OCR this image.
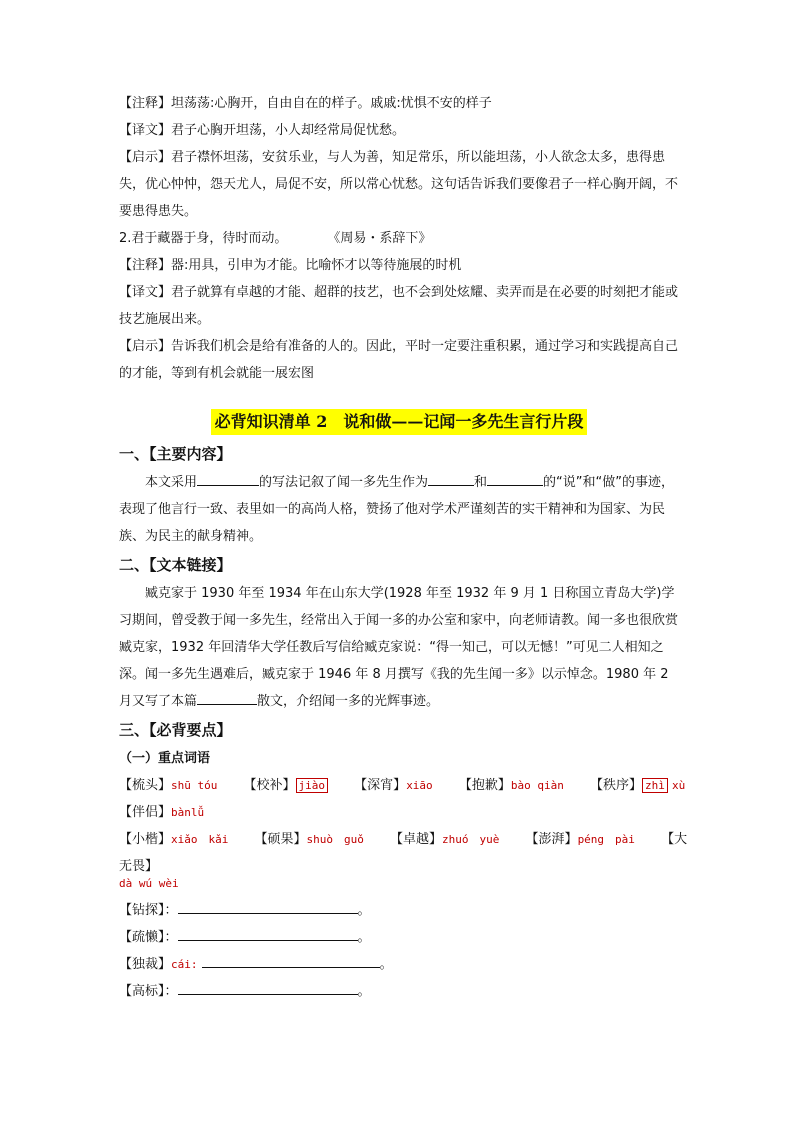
【注释】坦荡荡:心胸开，自由自在的样子。戚戚:忧惧不安的样子
【译文】君子心胸开坦荡，小人却经常局促忧愁。
【启示】君子襟怀坦荡，安贫乐业，与人为善，知足常乐，所以能坦荡，小人欲念太多，患得患失，优心忡忡，怨天尤人，局促不安，所以常心忧愁。这句话告诉我们要像君子一样心胸开阔，不要患得患失。
2.君于藏器于身，待时而动。	《周易・系辞下》
【注释】器:用具，引申为才能。比喻怀才以等待施展的时机
【译文】君子就算有卓越的才能、超群的技艺，也不会到处炫耀、卖弄而是在必要的时刻把才能或技艺施展出来。
【启示】告诉我们机会是给有准备的人的。因此，平时一定要注重积累，通过学习和实践提高自己的才能，等到有机会就能一展宏图
必背知识清单 2　说和做——记闻一多先生言行片段
一、【主要内容】
本文采用	的写法记叙了闻一多先生作为	和	的“说”和“做”的事迹，表现了他言行一致、表里如一的高尚人格，赞扬了他对学术严谨刻苦的实干精神和为国家、为民族、为民主的献身精神。
二、【文本链接】
臧克家于 1930 年至 1934 年在山东大学(1928 年至 1932 年 9 月 1 日称国立青岛大学)学习期间，曾受教于闻一多先生，经常出入于闻一多的办公室和家中，向老师请教。闻一多也很欣赏臧克家，1932 年回清华大学任教后写信给臧克家说：“得一知己，可以无憾！”可见二人相知之深。闻一多先生遇难后，臧克家于 1946 年 8 月撰写《我的先生闻一多》以示悼念。1980 年 2 月又写了本篇	散文，介绍闻一多的光辉事迹。
三、【必背要点】
（一）重点词语
【梳头】shū tóu 【校补】 jiào 【深宵】xiāo 【抱歉】bào qiàn 【秩序】 zhì xù
【伴侣】bànlǚ
【小楷】xiǎo　kǎi 【硕果】shuò　guǒ 【卓越】zhuó　yuè 【澎湃】péng　pài 【大
无畏】
dà wú wèi
【钻探】：	。
【疏懒】：	。
【独裁】cái:	。
【高标】：	。
